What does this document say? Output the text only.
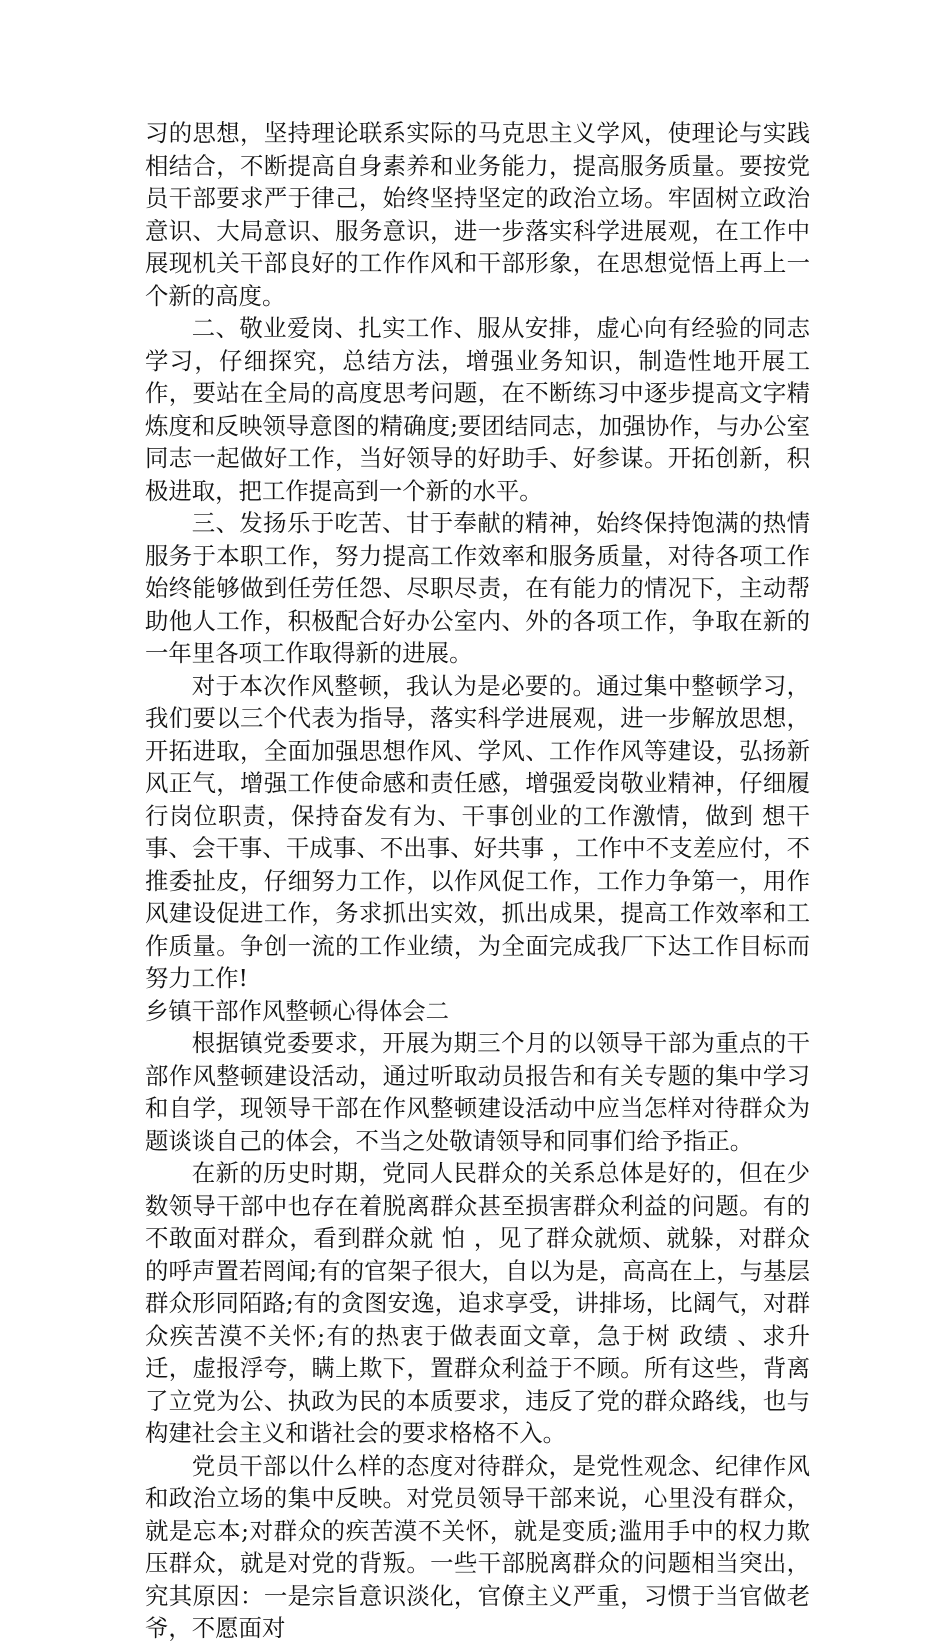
习的思想，坚持理论联系实际的马克思主义学风，使理论与实践相结合，不断提高自身素养和业务能力，提高服务质量。要按党员干部要求严于律己，始终坚持坚定的政治立场。牢固树立政治意识、大局意识、服务意识，进一步落实科学进展观，在工作中展现机关干部良好的工作作风和干部形象，在思想觉悟上再上一个新的高度。

二、敬业爱岗、扎实工作、服从安排，虚心向有经验的同志学习，仔细探究，总结方法，增强业务知识，制造性地开展工作，要站在全局的高度思考问题，在不断练习中逐步提高文字精炼度和反映领导意图的精确度;要团结同志，加强协作，与办公室同志一起做好工作，当好领导的好助手、好参谋。开拓创新，积极进取，把工作提高到一个新的水平。

三、发扬乐于吃苦、甘于奉献的精神，始终保持饱满的热情服务于本职工作，努力提高工作效率和服务质量，对待各项工作始终能够做到任劳任怨、尽职尽责，在有能力的情况下，主动帮助他人工作，积极配合好办公室内、外的各项工作，争取在新的一年里各项工作取得新的进展。

对于本次作风整顿，我认为是必要的。通过集中整顿学习，我们要以三个代表为指导，落实科学进展观，进一步解放思想，开拓进取，全面加强思想作风、学风、工作作风等建设，弘扬新风正气，增强工作使命感和责任感，增强爱岗敬业精神，仔细履行岗位职责，保持奋发有为、干事创业的工作激情，做到 想干事、会干事、干成事、不出事、好共事 ，工作中不支差应付，不推委扯皮，仔细努力工作，以作风促工作，工作力争第一，用作风建设促进工作，务求抓出实效，抓出成果，提高工作效率和工作质量。争创一流的工作业绩，为全面完成我厂下达工作目标而努力工作!

乡镇干部作风整顿心得体会二

根据镇党委要求，开展为期三个月的以领导干部为重点的干部作风整顿建设活动，通过听取动员报告和有关专题的集中学习和自学，现领导干部在作风整顿建设活动中应当怎样对待群众为题谈谈自己的体会，不当之处敬请领导和同事们给予指正。

在新的历史时期，党同人民群众的关系总体是好的，但在少数领导干部中也存在着脱离群众甚至损害群众利益的问题。有的不敢面对群众，看到群众就 怕 ，见了群众就烦、就躲，对群众的呼声置若罔闻;有的官架子很大，自以为是，高高在上，与基层群众形同陌路;有的贪图安逸，追求享受，讲排场，比阔气，对群众疾苦漠不关怀;有的热衷于做表面文章，急于树 政绩 、求升迁，虚报浮夸，瞒上欺下，置群众利益于不顾。所有这些，背离了立党为公、执政为民的本质要求，违反了党的群众路线，也与构建社会主义和谐社会的要求格格不入。

党员干部以什么样的态度对待群众，是党性观念、纪律作风和政治立场的集中反映。对党员领导干部来说，心里没有群众，就是忘本;对群众的疾苦漠不关怀，就是变质;滥用手中的权力欺压群众，就是对党的背叛。一些干部脱离群众的问题相当突出，究其原因：一是宗旨意识淡化，官僚主义严重，习惯于当官做老爷，不愿面对
